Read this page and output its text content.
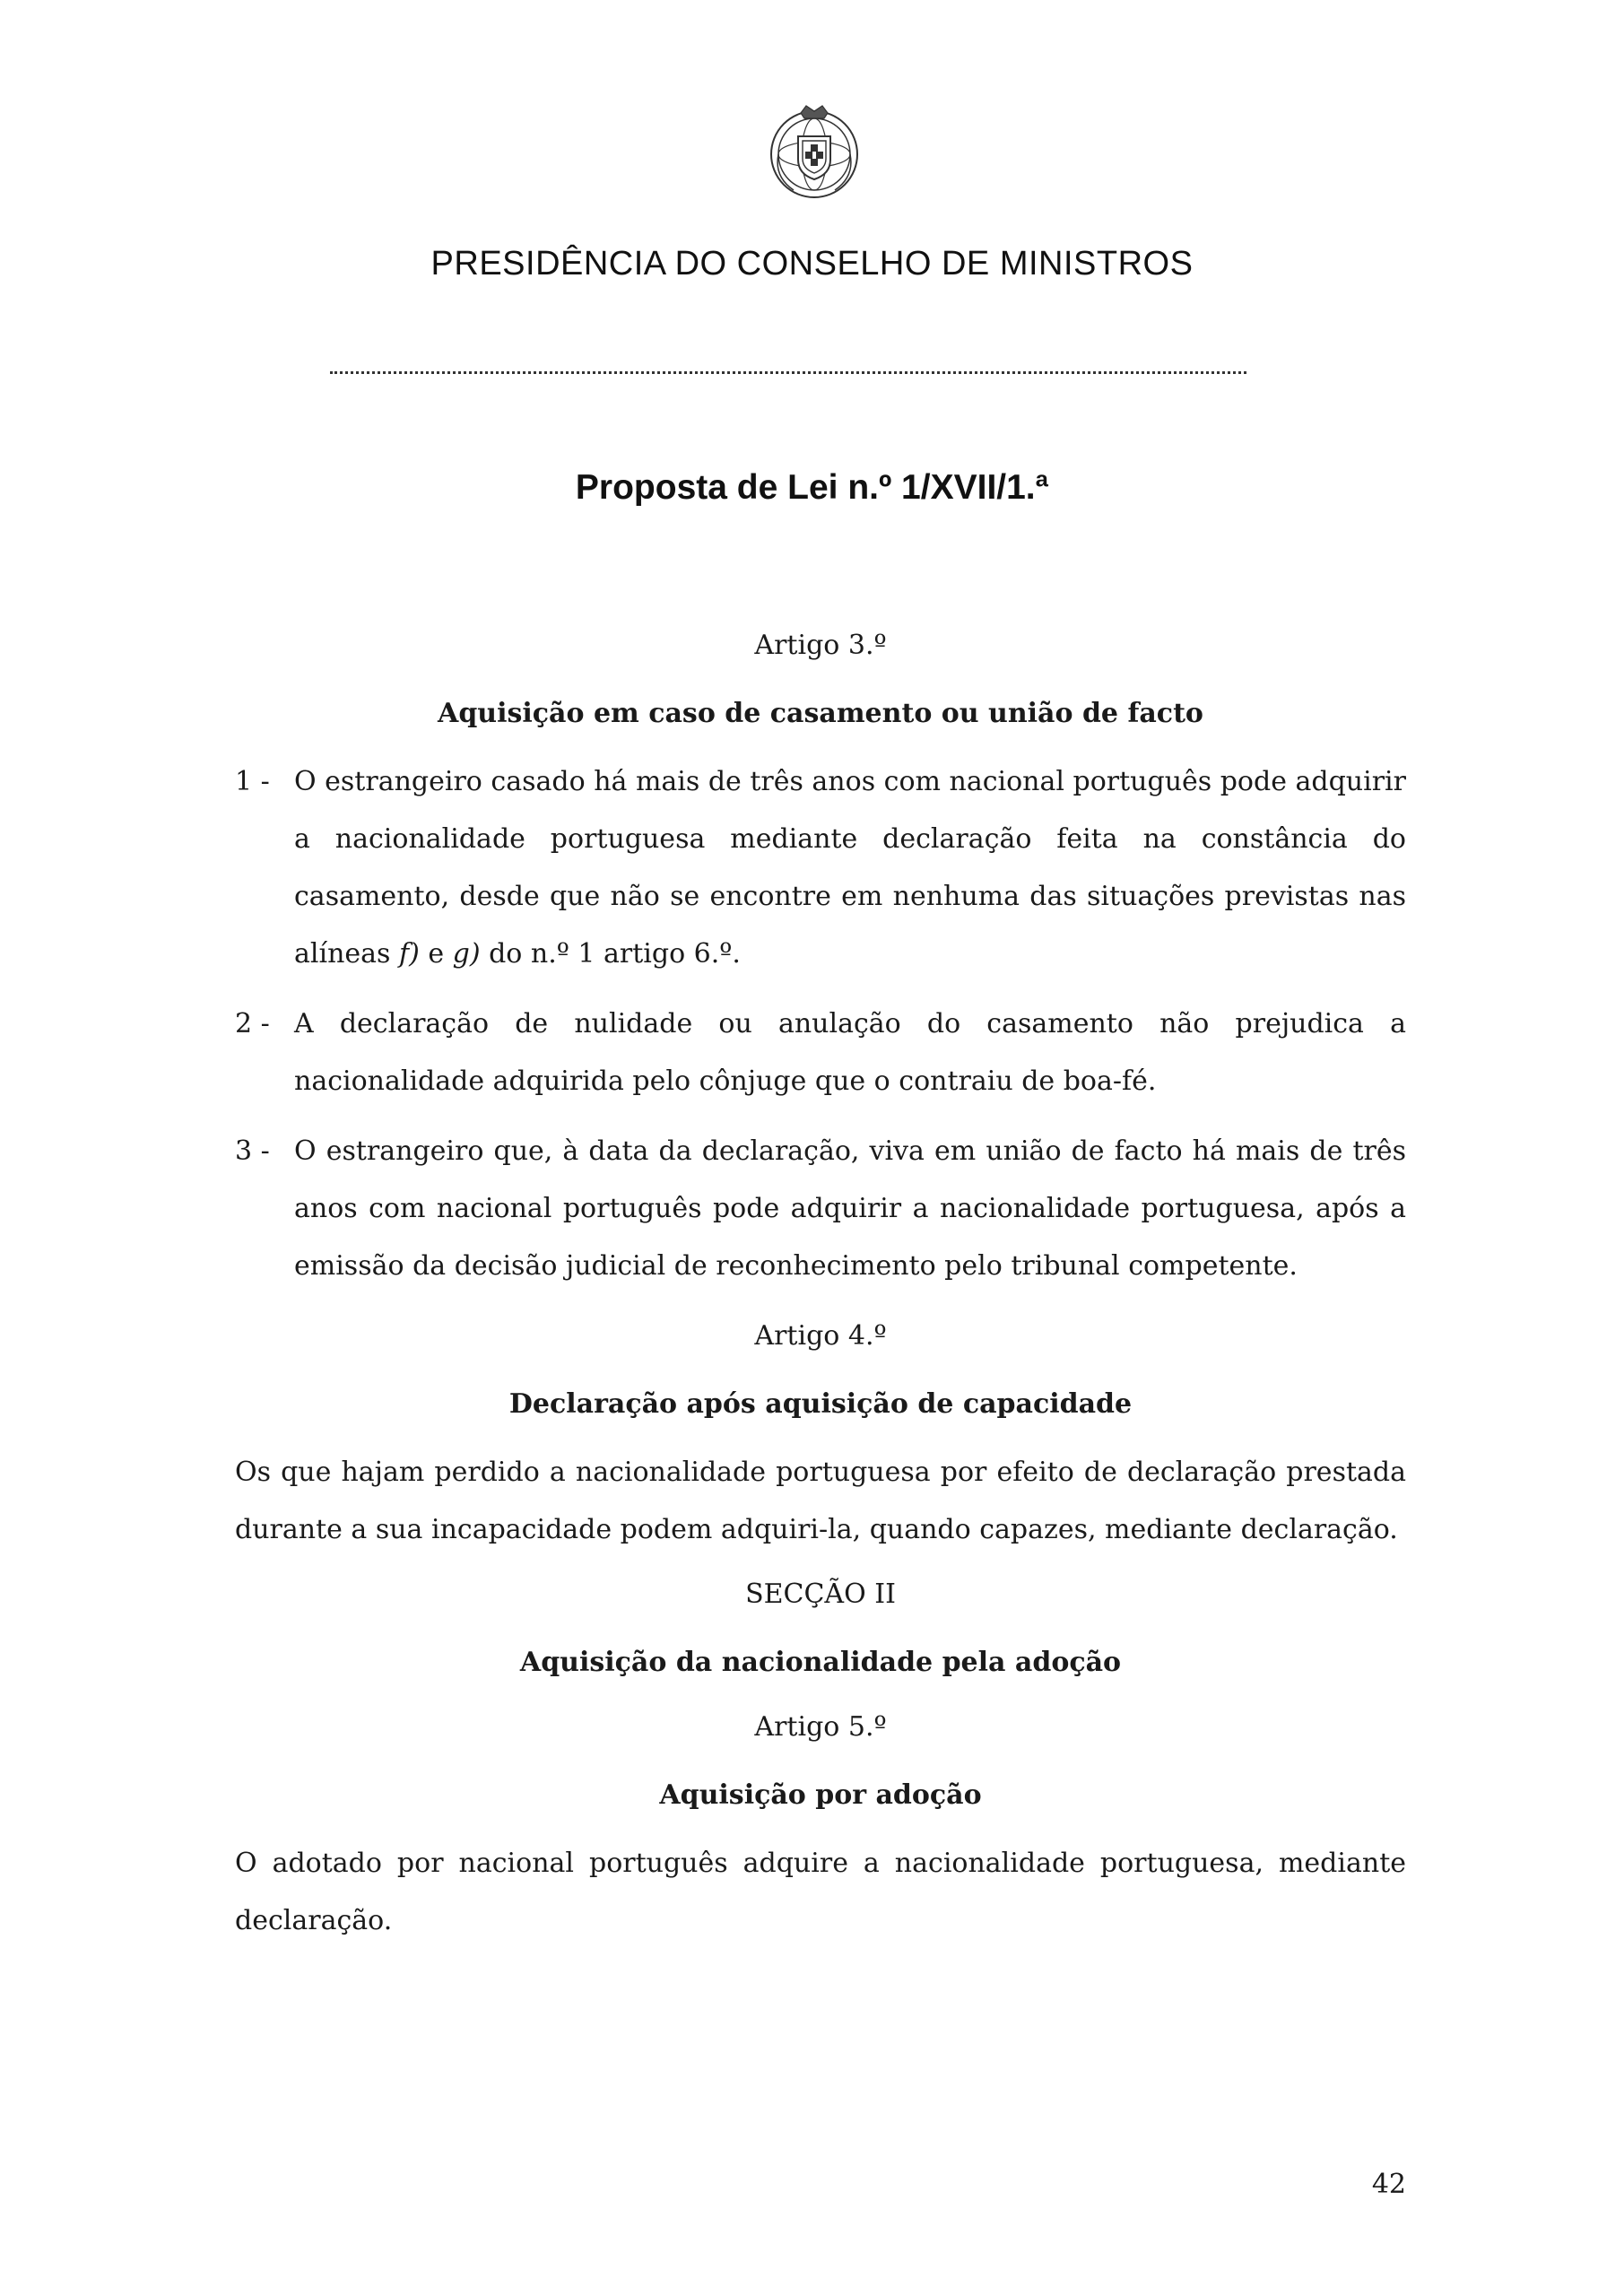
PRESIDÊNCIA DO CONSELHO DE MINISTROS
Proposta de Lei n.º 1/XVII/1.ª

Artigo 3.º

Aquisição em caso de casamento ou união de facto

1 - O estrangeiro casado há mais de três anos com nacional português pode adquirir a nacionalidade portuguesa mediante declaração feita na constância do casamento, desde que não se encontre em nenhuma das situações previstas nas alíneas f) e g) do n.º 1 artigo 6.º.
2 - A declaração de nulidade ou anulação do casamento não prejudica a nacionalidade adquirida pelo cônjuge que o contraiu de boa-fé.
3 - O estrangeiro que, à data da declaração, viva em união de facto há mais de três anos com nacional português pode adquirir a nacionalidade portuguesa, após a emissão da decisão judicial de reconhecimento pelo tribunal competente.

Artigo 4.º

Declaração após aquisição de capacidade

Os que hajam perdido a nacionalidade portuguesa por efeito de declaração prestada durante a sua incapacidade podem adquiri-la, quando capazes, mediante declaração.

SECÇÃO II

Aquisição da nacionalidade pela adoção

Artigo 5.º

Aquisição por adoção

O adotado por nacional português adquire a nacionalidade portuguesa, mediante declaração.

42
